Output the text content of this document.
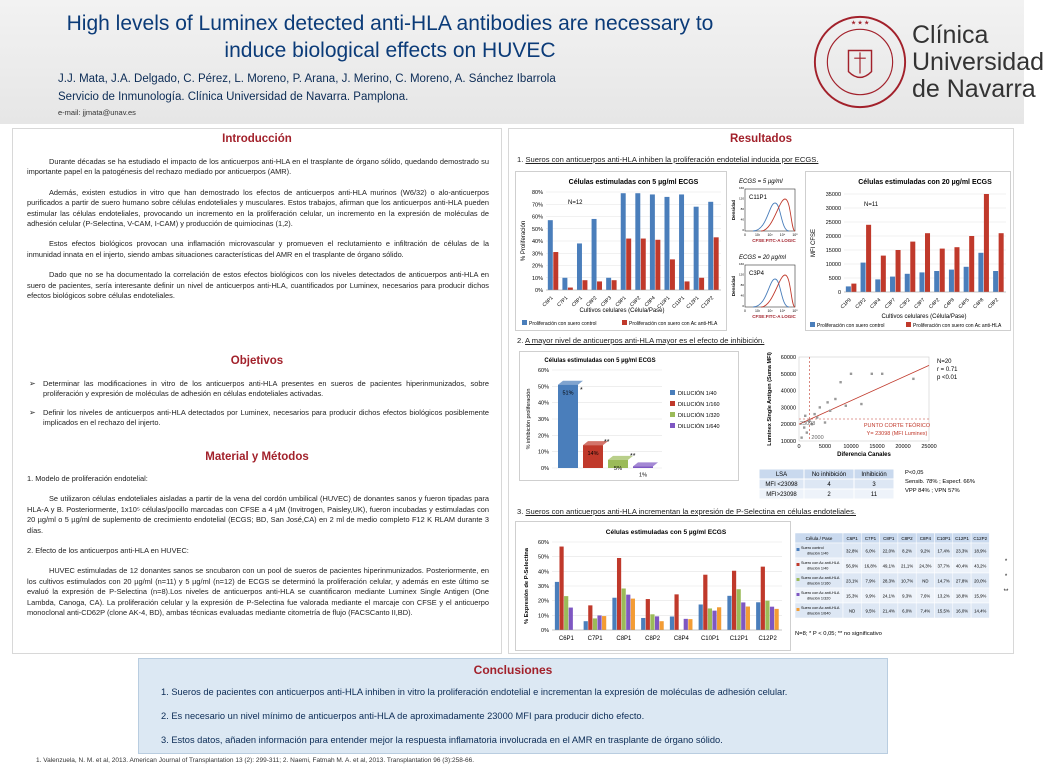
High levels of Luminex detected anti-HLA antibodies are necessary to
induce biological effects on HUVEC
J.J. Mata, J.A. Delgado, C. Pérez, L. Moreno, P. Arana, J. Merino, C. Moreno, A. Sánchez Ibarrola
Servicio de Inmunología. Clínica Universidad de Navarra. Pamplona.
e-mail: jjmata@unav.es
★ ★ ★ Clínica
Universidad
de Navarra
Introducción

Durante décadas se ha estudiado el impacto de los anticuerpos anti-HLA en el trasplante de órgano sólido, quedando demostrado su importante papel en la patogénesis del rechazo mediado por anticuerpos (AMR).

Además, existen estudios in vitro que han demostrado los efectos de anticuerpos anti-HLA murinos (W6/32) o alo-anticuerpos purificados a partir de suero humano sobre células endoteliales y musculares. Estos trabajos, afirman que los anticuerpos anti-HLA pueden estimular las células endoteliales, provocando un incremento en la proliferación celular, un incremento en la expresión de moléculas de adhesión celular (P-Selectina, V-CAM, I-CAM) y producción de quimiocinas (1,2).

Estos efectos biológicos provocan una inflamación microvascular y promueven el reclutamiento e infiltración de células de la inmunidad innata en el injerto, siendo ambas situaciones características del AMR en el trasplante de órgano sólido.

Dado que no se ha documentado la correlación de estos efectos biológicos con los niveles detectados de anticuerpos anti-HLA en suero de pacientes, sería interesante definir un nivel de anticuerpos anti-HLA, cuantificados por Luminex, necesarios para producir dichos efectos biológicos sobre células endoteliales.

Objetivos
➢ Determinar las modificaciones in vitro de los anticuerpos anti-HLA presentes en sueros de pacientes hiperinmunizados, sobre proliferación y expresión de moléculas de adhesión en células endoteliales activadas.
➢ Definir los niveles de anticuerpos anti-HLA detectados por Luminex, necesarios para producir dichos efectos biológicos posiblemente implicados en el rechazo del injerto.
Material y Métodos

1. Modelo de proliferación endotelial:

Se utilizaron células endoteliales aisladas a partir de la vena del cordón umbilical (HUVEC) de donantes sanos y fueron tipadas para HLA-A y B. Posteriormente, 1x10⁵ células/pocillo marcadas con CFSE a 4 µM (Invitrogen, Paisley,UK), fueron incubadas y estimuladas con 20 µg/ml o 5 µg/ml de suplemento de crecimiento endotelial (ECGS; BD, San José,CA) en 2 ml de medio completo F12 K RLAM durante 3 días.

2. Efecto de los anticuerpos anti-HLA en HUVEC:

HUVEC estimuladas de 12 donantes sanos se sncubaron con un pool de sueros de pacientes hiperinmunizados. Posteriormente, en los cultivos estimulados con 20 µg/ml (n=11) y 5 µg/ml (n=12) de ECGS se determinó la proliferación celular, y además en este último se evaluó la expresión de P-Selectina (n=8).Los niveles de anticuerpos anti-HLA se cuantificaron mediante Luminex Single Antigen (One Lambda, Canoga, CA). La proliferación celular y la expresión de P-Selectina fue valorada mediante el marcaje con CFSE y el anticuerpo monoclonal anti-CD62P (clone AK-4, BD), ambas técnicas evaluadas mediante citometría de flujo (FACSCanto II,BD).

Resultados
1. Sueros con anticuerpos anti-HLA inhiben la proliferación endotelial inducida por ECGS.
Células estimuladas con 5 µg/ml ECGS
0%
10%
20%
30%
40%
50%
60%
70%
80%
% Proliferación
C6P1 C7P1 C8P1 C8P2 C8P3 C9P1 C9P2 C8P4 C10P1 C11P1 C12P1 C12P2
N=12
Cultivos celulares (Célula/Pase)
Proliferación con suero control	Proliferación con suero con Ac anti-HLA
ECGS = 5 µg/ml
C11P1
0	10² 10³ 10⁴ 10⁵
0
40
80
120
160
Densidad
CFSE:FITC-A LOGIC
ECGS = 20 µg/ml
C3P4
0	10² 10³ 10⁴ 10⁵
0
40
80
120
160
Densidad
CFSE:FITC-A LOGIC
Células estimuladas con 20 µg/ml ECGS
0
5000
10000
15000
20000
25000
30000
35000
MFI CFSE
C1P9 C2P2 C3P4 C3P7 C3P2 C3P7 C4P2 C4P8 C4P5 C4P8 C8P2
N=11
Cultivos celulares (Célula/Pase)
Proliferación con suero control	Proliferación con suero con Ac anti-HLA
2. A mayor nivel de anticuerpos anti-HLA mayor es el efecto de inhibición.
Células estimuladas con 5 µg/ml ECGS
0%
10%
20%
30%
40%
50%
60%
% inhibición proliferación	51%
14%
5%
1%
DILUCIÓN 1/40
DILUCIÓN 1/160
DILUCIÓN 1/320
DILUCIÓN 1/640
*
**
**
10000
20000
30000
40000
50000
60000
0	5000 10000 15000 20000 25000
23098
2000
Diferencia Canales
Luminex Single Antigen (Suma MFI)	N=20
r = 0.71
p <0.01
PUNTO CORTE TEÓRICO
Y= 23098 (MFI Luminex)
LSA	No inhibición	Inhibición
MFI <23098	4	3
MFI>23098	2	11
P<0,05
Sensib. 78% ; Especf. 66%
VPP 84% ; VPN 57%
3. Sueros con anticuerpos anti-HLA incrementan la expresión de P-Selectina en células endoteliales.
Células estimuladas con 5 µg/ml ECGS
0%
10%
20%
30%
40%
50%
60%
% Expresión de P-Selectina
C6P1 C7P1 C8P1 C8P2 C8P4 C10P1 C12P1 C12P2
Célula / Pase	C6P1 C7P1 C8P1 C8P2 C8P4 C10P1 C12P1 C12P2
Suero control
dilución 1/40	32,8% 6,0% 22,0% 8,2% 9,2% 17,4% 23,3% 18,9%
Suero con Ac anti-HLA
dilución 1/40	56,9% 16,8% 49,1% 21,1% 24,3% 37,7% 40,4% 43,2%
Suero con Ac anti-HLA
dilución 1/160	23,1% 7,9% 28,3% 10,7% ND 14,7% 27,8% 20,0%
Suero con Ac anti-HLA
dilución 1/320	15,3% 9,9% 24,1% 9,3% 7,6% 13,2% 18,8% 15,9%
Suero con Ac anti-HLA
dilución 1/640	ND 9,5% 21,4% 6,0% 7,4% 15,5% 16,0% 14,4%
*
*
**
N=8; * P < 0,05; ** no significativo
Conclusiones
1. Sueros de pacientes con anticuerpos anti-HLA inhiben in vitro la proliferación endotelial e incrementan la expresión de moléculas de adhesión celular.
2. Es necesario un nivel mínimo de anticuerpos anti-HLA de aproximadamente 23000 MFI para producir dicho efecto.
3. Estos datos, añaden información para entender mejor la respuesta inflamatoria involucrada en el AMR en trasplante de órgano sólido.
1. Valenzuela, N. M. et al, 2013. American Journal of Transplantation 13 (2): 299-311; 2. Naemi, Fatmah M. A. et al, 2013. Transplantation 96 (3):258-66.
